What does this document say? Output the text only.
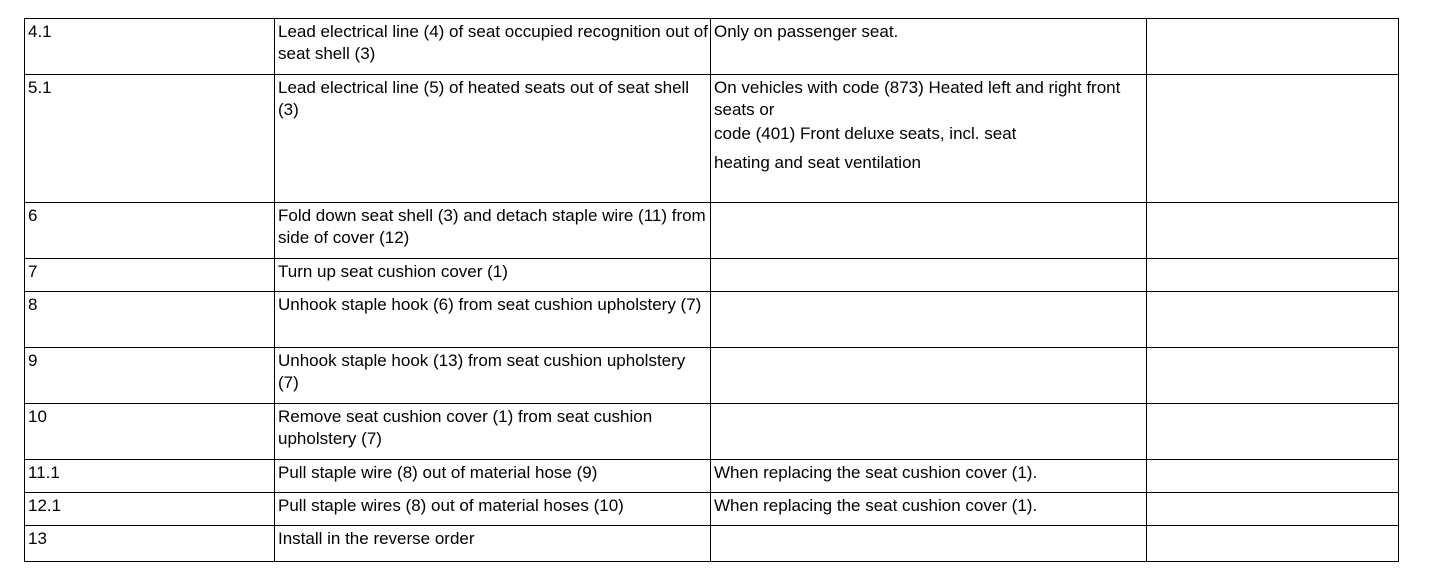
4.1	Lead electrical line (4) of seat occupied recognition out of seat shell (3)	Only on passenger seat.	

5.1	Lead electrical line (5) of heated seats out of seat shell (3)	On vehicles with code (873) Heated left and right front seats or
code (401) Front deluxe seats, incl. seat
heating and seat ventilation	

6	Fold down seat shell (3) and detach staple wire (11) from side of cover (12)		
7	Turn up seat cushion cover (1)		
8	Unhook staple hook (6) from seat cushion upholstery (7)		
9	Unhook staple hook (13) from seat cushion upholstery (7)		
10	Remove seat cushion cover (1) from seat cushion upholstery (7)		
11.1	Pull staple wire (8) out of material hose (9)	When replacing the seat cushion cover (1).	

12.1	Pull staple wires (8) out of material hoses (10)	When replacing the seat cushion cover (1).	

13	Install in the reverse order		
